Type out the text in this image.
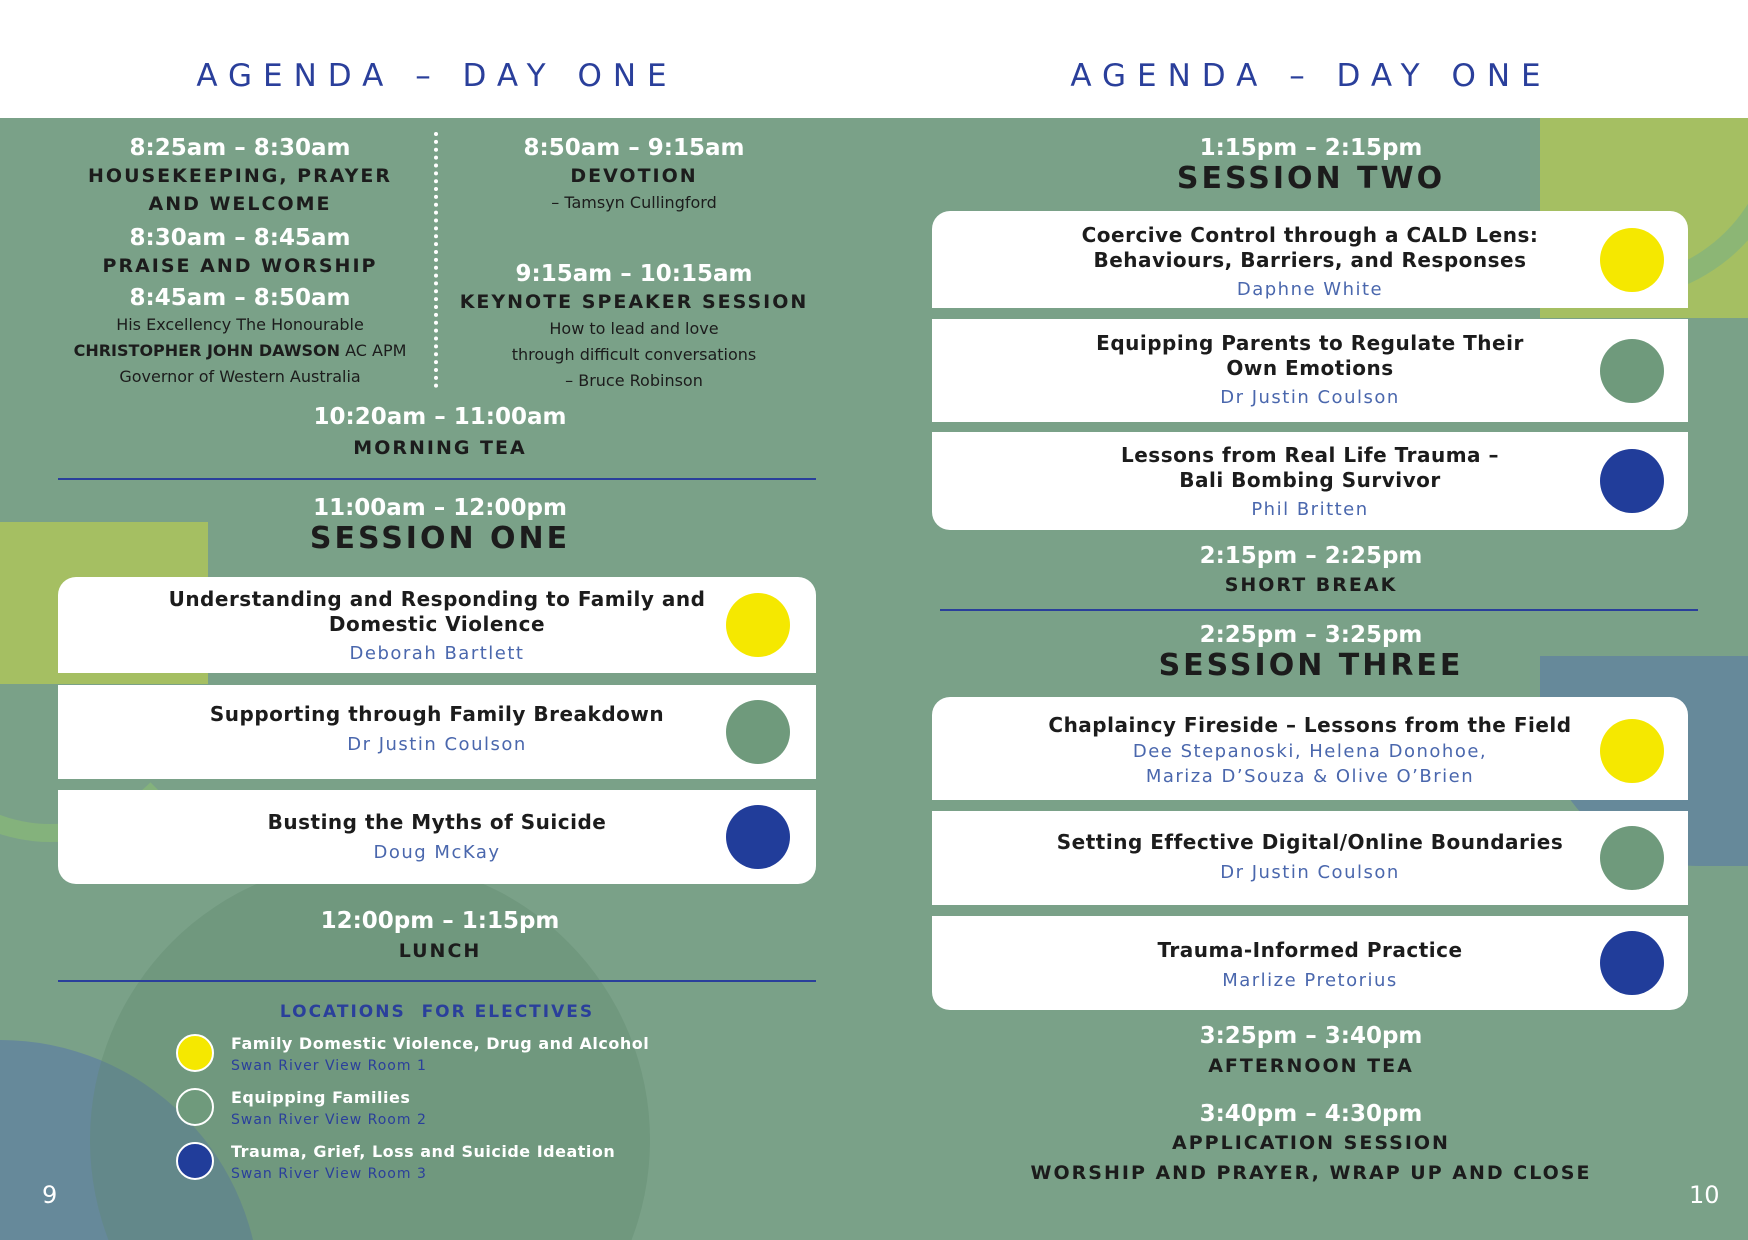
AGENDA – DAY ONE
8:25am – 8:30am
HOUSEKEEPING, PRAYER
AND WELCOME
8:30am – 8:45am
PRAISE AND WORSHIP
8:45am – 8:50am
His Excellency The Honourable
CHRISTOPHER JOHN DAWSON AC APM
Governor of Western Australia
8:50am – 9:15am
DEVOTION
– Tamsyn Cullingford
9:15am – 10:15am
KEYNOTE SPEAKER SESSION
How to lead and love
through difficult conversations
– Bruce Robinson
10:20am – 11:00am
MORNING TEA
11:00am – 12:00pm
SESSION ONE
Understanding and Responding to Family and
Domestic Violence
Deborah Bartlett
Supporting through Family Breakdown
Dr Justin Coulson
Busting the Myths of Suicide
Doug McKay
12:00pm – 1:15pm
LUNCH
LOCATIONS  FOR ELECTIVES
Family Domestic Violence, Drug and Alcohol
Swan River View Room 1
Equipping Families
Swan River View Room 2
Trauma, Grief, Loss and Suicide Ideation
Swan River View Room 3
9
AGENDA – DAY ONE
1:15pm – 2:15pm
SESSION TWO
Coercive Control through a CALD Lens:
Behaviours, Barriers, and Responses
Daphne White
Equipping Parents to Regulate Their
Own Emotions
Dr Justin Coulson
Lessons from Real Life Trauma –
Bali Bombing Survivor
Phil Britten
2:15pm – 2:25pm
SHORT BREAK
2:25pm – 3:25pm
SESSION THREE
Chaplaincy Fireside – Lessons from the Field
Dee Stepanoski, Helena Donohoe,
Mariza D’Souza & Olive O’Brien
Setting Effective Digital/Online Boundaries
Dr Justin Coulson
Trauma-Informed Practice
Marlize Pretorius
3:25pm – 3:40pm
AFTERNOON TEA
3:40pm – 4:30pm
APPLICATION SESSION
WORSHIP AND PRAYER, WRAP UP AND CLOSE
10
